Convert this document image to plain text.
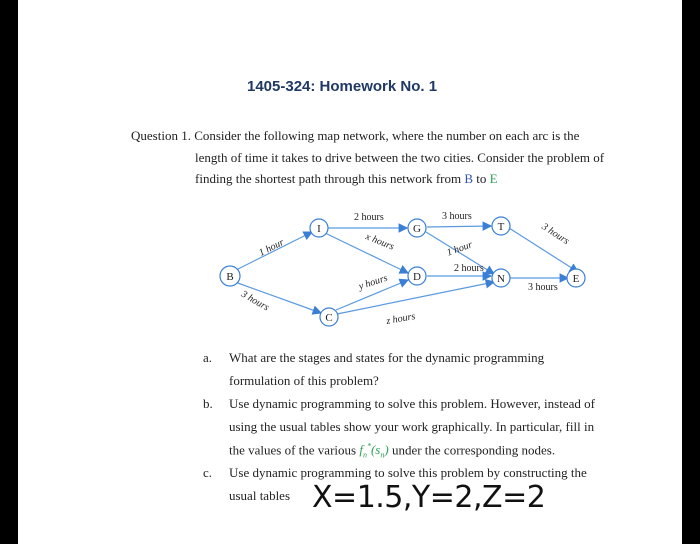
1405-324: Homework No. 1
Question 1. Consider the following map network, where the number on each arc is the
length of time it takes to drive between the two cities. Consider the problem of
finding the shortest path through this network from B to E
B
I	G	T
D	N	E
C
1 hour
2 hours
x hours
3 hours
1 hour
3 hours
2 hours
3 hours
y hours
z hours
3 hours
a. What are the stages and states for the dynamic programming
formulation of this problem?
b. Use dynamic programming to solve this problem. However, instead of
using the usual tables show your work graphically. In particular, fill in
the values of the various $f_n^*(s_n)$ under the corresponding nodes.
c. Use dynamic programming to solve this problem by constructing the
usual tables X=1.5,Y=2,Z=2
